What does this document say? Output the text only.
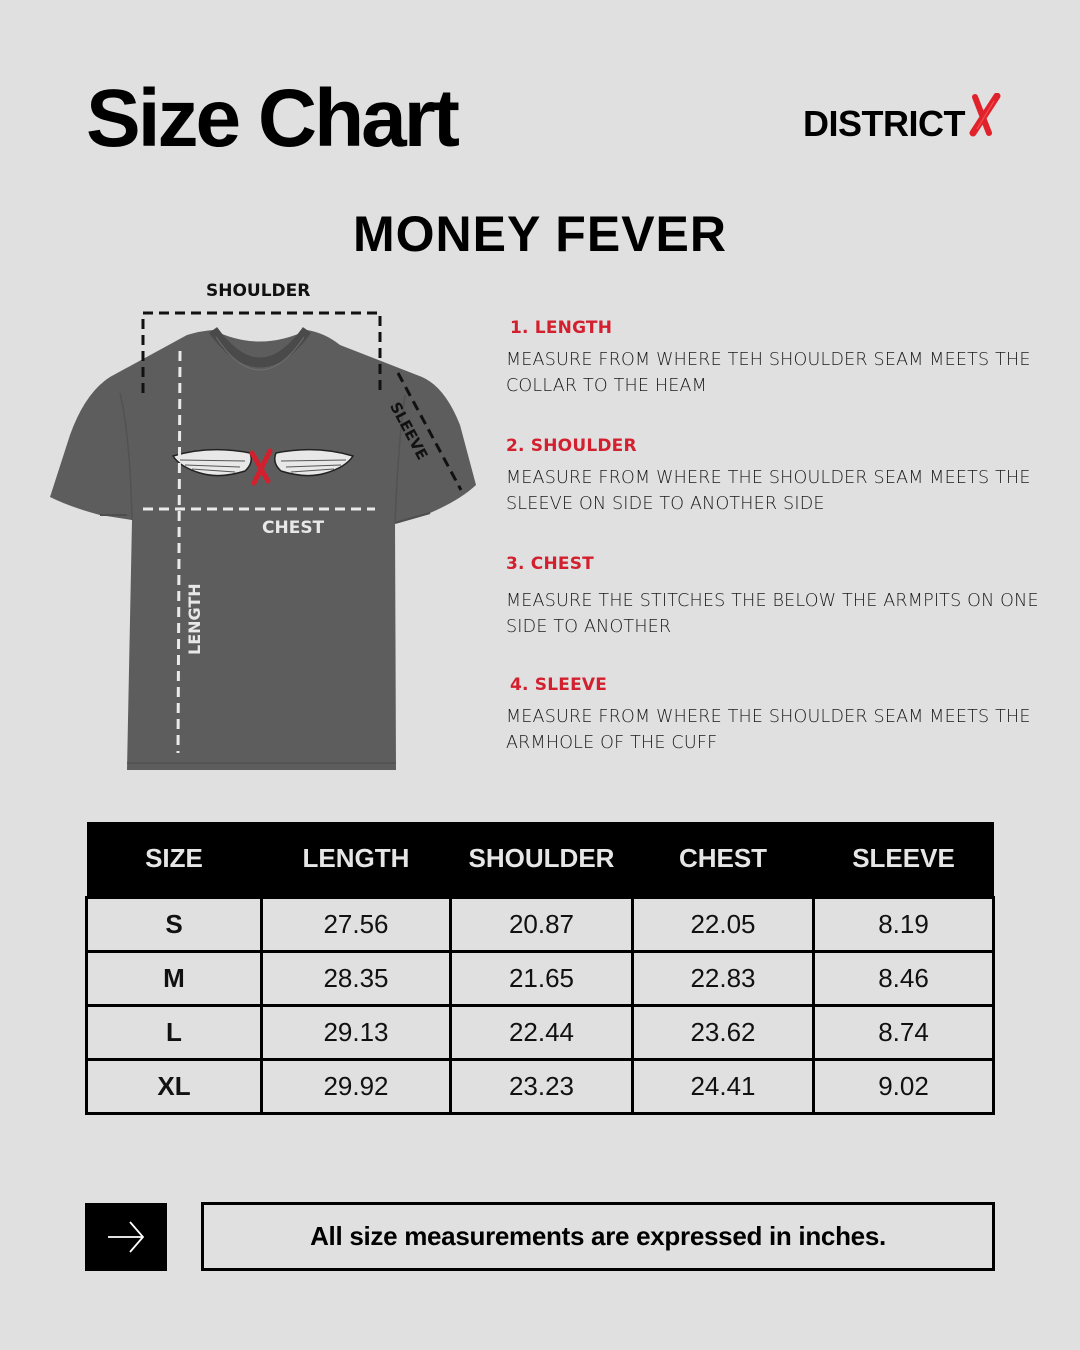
Size Chart	DISTRICT
MONEY FEVER
SHOULDER
SLEEVE
CHEST
LENGTH
1. LENGTH
MEASURE FROM WHERE TEH SHOULDER SEAM MEETS THE COLLAR TO THE HEAM
2. SHOULDER
MEASURE FROM WHERE THE SHOULDER SEAM MEETS THE SLEEVE ON SIDE TO ANOTHER SIDE
3. CHEST
MEASURE THE STITCHES THE BELOW THE ARMPITS ON ONE SIDE TO ANOTHER
4. SLEEVE
MEASURE FROM WHERE THE SHOULDER SEAM MEETS THE ARMHOLE OF THE CUFF
SIZE	LENGTH	SHOULDER	CHEST	SLEEVE
S	27.56	20.87	22.05	8.19
M	28.35	21.65	22.83	8.46
L	29.13	22.44	23.62	8.74
XL	29.92	23.23	24.41	9.02
All size measurements are expressed in inches.
